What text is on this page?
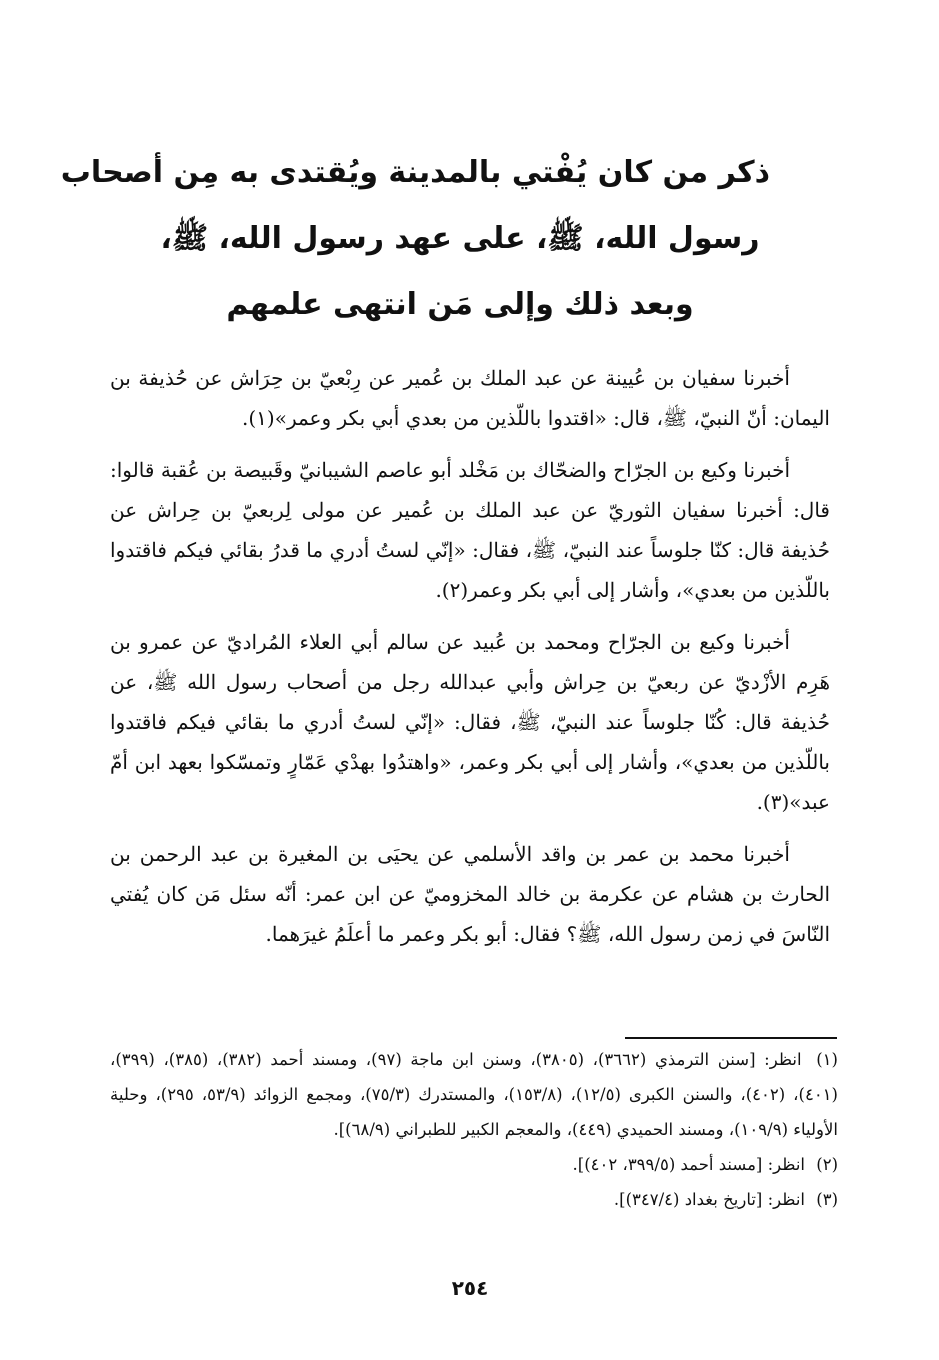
ذكر من كان يُفْتي بالمدينة ويُقتدى به مِن أصحاب
رسول الله، ﷺ، على عهد رسول الله، ﷺ،
وبعد ذلك وإلى مَن انتهى علمهم

أخبرنا سفيان بن عُيينة عن عبد الملك بن عُمير عن رِبْعيّ بن حِرَاش عن حُذيفة بن اليمان: أنّ النبيّ، ﷺ، قال: «اقتدوا باللّذين من بعدي أبي بكر وعمر»(١).

أخبرنا وكيع بن الجرّاح والضحّاك بن مَخْلد أبو عاصم الشيبانيّ وقَبيصة بن عُقبة قالوا: قال: أخبرنا سفيان الثوريّ عن عبد الملك بن عُمير عن مولى لِربعيّ بن حِراش عن حُذيفة قال: كنّا جلوساً عند النبيّ، ﷺ، فقال: «إنّي لستُ أدري ما قدرُ بقائي فيكم فاقتدوا باللّذين من بعدي»، وأشار إلى أبي بكر وعمر(٢).

أخبرنا وكيع بن الجرّاح ومحمد بن عُبيد عن سالم أبي العلاء المُراديّ عن عمرو بن هَرِم الأزْديّ عن ربعيّ بن حِراش وأبي عبدالله رجل من أصحاب رسول الله ﷺ، عن حُذيفة قال: كُنّا جلوساً عند النبيّ، ﷺ، فقال: «إنّي لستُ أدري ما بقائي فيكم فاقتدوا باللّذين من بعدي»، وأشار إلى أبي بكر وعمر، «واهتدُوا بهدْي عَمّارٍ وتمسّكوا بعهد ابن أمّ عبد»(٣).

أخبرنا محمد بن عمر بن واقد الأسلمي عن يحيَى بن المغيرة بن عبد الرحمن بن الحارث بن هشام عن عكرمة بن خالد المخزوميّ عن ابن عمر: أنّه سئل مَن كان يُفتي النّاسَ في زمن رسول الله، ﷺ؟ فقال: أبو بكر وعمر ما أعلَمُ غيرَهما.

(١) انظر: [سنن الترمذي (٣٦٦٢)، (٣٨٠٥)، وسنن ابن ماجة (٩٧)، ومسند أحمد (٣٨٢)، (٣٨٥)، (٣٩٩)، (٤٠١)، (٤٠٢)، والسنن الكبرى (١٢/٥)، (١٥٣/٨)، والمستدرك (٧٥/٣)، ومجمع الزوائد (٥٣/٩، ٢٩٥)، وحلية الأولياء (١٠٩/٩)، ومسند الحميدي (٤٤٩)، والمعجم الكبير للطبراني (٦٨/٩)].

(٢) انظر: [مسند أحمد (٣٩٩/٥، ٤٠٢)].

(٣) انظر: [تاريخ بغداد (٣٤٧/٤)].

٢٥٤
